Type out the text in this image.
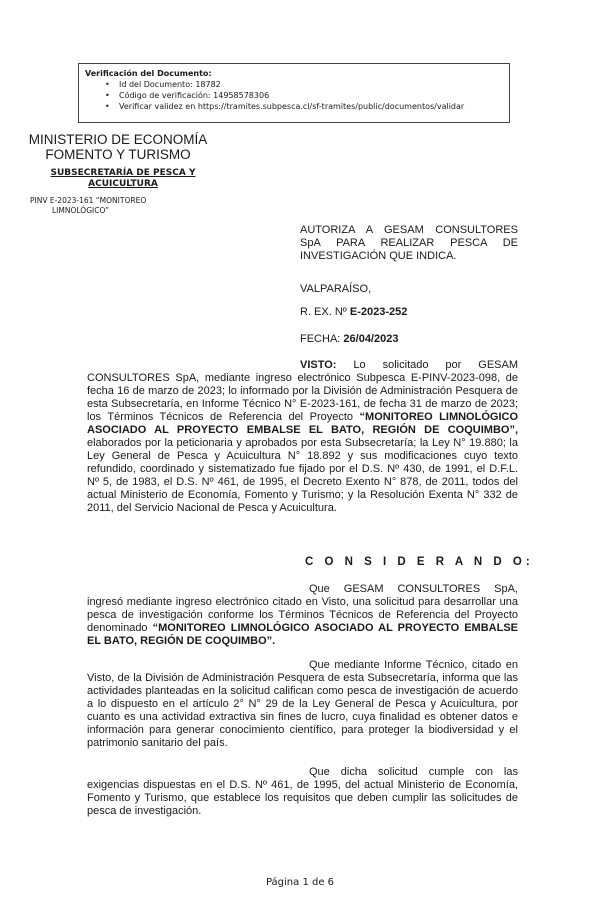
Verificación del Documento:
• Id del Documento: 18782
• Código de verificación: 14958578306
• Verificar validez en https://tramites.subpesca.cl/sf-tramites/public/documentos/validar
MINISTERIO DE ECONOMÍA
FOMENTO Y TURISMO
SUBSECRETARÍA DE PESCA Y
ACUICULTURA
PINV E-2023-161 “MONITOREO
LIMNOLÓGICO”
AUTORIZA A GESAM CONSULTORES
SpA PARA REALIZAR PESCA DE
INVESTIGACIÓN QUE INDICA.
VALPARAÍSO,
R. EX. Nº E-2023-252
FECHA: 26/04/2023
VISTO: Lo solicitado por GESAM CONSULTORES SpA, mediante ingreso electrónico Subpesca E-PINV-2023-098, de fecha 16 de marzo de 2023; lo informado por la División de Administración Pesquera de esta Subsecretaría, en Informe Técnico N° E-2023-161, de fecha 31 de marzo de 2023; los Términos Técnicos de Referencia del Proyecto “MONITOREO LIMNOLÓGICO ASOCIADO AL PROYECTO EMBALSE EL BATO, REGIÓN DE COQUIMBO”, elaborados por la peticionaria y aprobados por esta Subsecretaría; la Ley N° 19.880; la Ley General de Pesca y Acuicultura N° 18.892 y sus modificaciones cuyo texto refundido, coordinado y sistematizado fue fijado por el D.S. Nº 430, de 1991, el D.F.L. Nº 5, de 1983, el D.S. Nº 461, de 1995, el Decreto Exento N° 878, de 2011, todos del actual Ministerio de Economía, Fomento y Turismo; y la Resolución Exenta N° 332 de 2011, del Servicio Nacional de Pesca y Acuicultura.
C O N S I D E R A N D O:
Que GESAM CONSULTORES SpA, ingresó mediante ingreso electrónico citado en Visto, una solicitud para desarrollar una pesca de investigación conforme los Términos Técnicos de Referencia del Proyecto denominado “MONITOREO LIMNOLÓGICO ASOCIADO AL PROYECTO EMBALSE EL BATO, REGIÓN DE COQUIMBO”.
Que mediante Informe Técnico, citado en Visto, de la División de Administración Pesquera de esta Subsecretaría, informa que las actividades planteadas en la solicitud califican como pesca de investigación de acuerdo a lo dispuesto en el artículo 2° N° 29 de la Ley General de Pesca y Acuicultura, por cuanto es una actividad extractiva sin fines de lucro, cuya finalidad es obtener datos e información para generar conocimiento científico, para proteger la biodiversidad y el patrimonio sanitario del país.
Que dicha solicitud cumple con las exigencias dispuestas en el D.S. Nº 461, de 1995, del actual Ministerio de Economía, Fomento y Turismo, que establece los requisitos que deben cumplir las solicitudes de pesca de investigación.
Página 1 de 6
